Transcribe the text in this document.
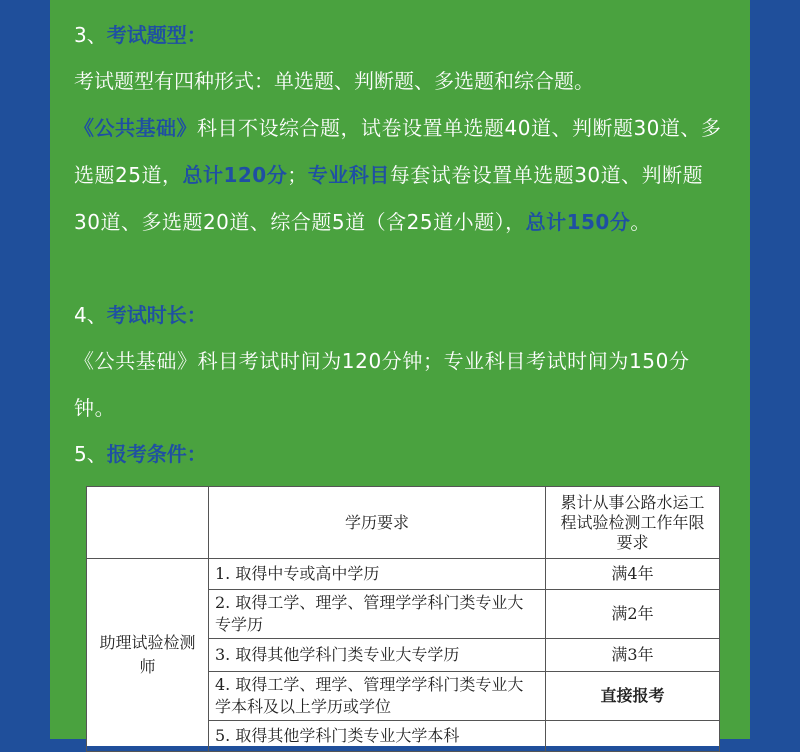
3、考试题型：
考试题型有四种形式：单选题、判断题、多选题和综合题。
《公共基础》科目不设综合题，试卷设置单选题40道、判断题30道、多选题25道，总计120分；专业科目每套试卷设置单选题30道、判断题30道、多选题20道、综合题5道（含25道小题），总计150分。
4、考试时长：
《公共基础》科目考试时间为120分钟；专业科目考试时间为150分钟。
5、报考条件：
	学历要求	累计从事公路水运工程试验检测工作年限要求
助理试验检测师	1. 取得中专或高中学历	满4年
	2. 取得工学、理学、管理学学科门类专业大专学历	满2年
	3. 取得其他学科门类专业大专学历	满3年
	4. 取得工学、理学、管理学学科门类专业大学本科及以上学历或学位	直接报考
	5. 取得其他学科门类专业大学本科	
